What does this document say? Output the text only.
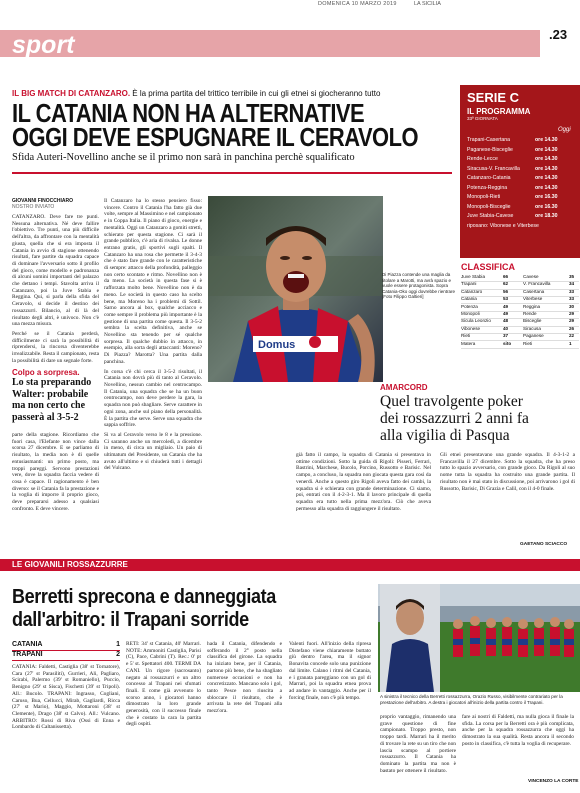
DOMENICA 10 MARZO 2019	LA SICILIA
sport	.23
IL BIG MATCH DI CATANZARO. È la prima partita del trittico terribile in cui gli etnei si giocheranno tutto
IL CATANIA NON HA ALTERNATIVE
OGGI DEVE ESPUGNARE IL CERAVOLO
Sfida Auteri-Novellino anche se il primo non sarà in panchina perchè squalificato
GIOVANNI FINOCCHIARO
NOSTRO INVIATO
CATANZARO. Deve fare tre punti. Nessuna alternativa. Né deve fallire l'obiettivo. Tre punti, una più difficile dell'altra, da affrontare con la mentalità giusta, quella che si era imposta il Catania in avvio di stagione ottenendo risultati, fare partite da squadra capace di dominare l'avversario sotto il profilo del gioco, come modello e padronanza di alcuni uomini importanti del palazzo che dettano i tempi. Stavolta arriva il Catanzaro, poi la Juve Stabia e Reggina. Qui, si parla della sfida del Ceravolo, si decide il destino dei rossazzurri. Bilancio, al di là del risultato degli altri, è univoco. Non c'è una mezza misura.
Perché se il Catania perderà, difficilmente ci sarà la possibilità di riprendersi, la rincorsa diventerebbe irrealizzabile. Resta il campionato, resta la possibilità di dare un segnale forte.
Colpo a sorpresa.
Lo sta preparando Walter: probabile ma non certo che passerà al 3-5-2
parte della stagione. Ricordiamo che fuori casa, l'Elefante non vince dalla scorsa 27 dicembre. E se parliamo di risultato, la media non è di quelle entusiasmanti: un primo posto, ma troppi pareggi. Servono prestazioni vere, dove la squadra faccia vedere di cosa è capace. Il ragionamento è ben diverso: se il Catania fa la prestazione e la voglia di imporre il proprio gioco, deve prepararsi adesso a qualsiasi confronto. E deve vincere.
Il Catanzaro ha lo stesso pensiero fisso: vincere. Contro il Catania l'ha fatto già due volte, sempre al Massimino e nel campionato e in Coppa Italia. Il piano di gioco, energie e mentalità. Oggi un Catanzaro a gomiti stretti, schierato per questa stagione. Ci sarà il grande pubblico, c'è aria di rivalsa. Le donne entrano gratis, gli sportivi sugli spalti. Il Catanzaro ha una rosa che permette il 3-4-3 che è stato fare grande con le caratteristiche di sempre: attacco della profondità, palleggio non certo scontato e ritmo. Novellino non è da meno. La società in questa fase si è rafforzata molto bene. Novellino non è da meno. Le società in questo caso ha scelto bene, ma Moreno ha i problemi di Sottil. Sarno ancora ai box, qualche acciacco e come sempre il problema più importante è la gestione di una partita come questa. Il 3-5-2 sembra la scelta definitiva, anche se Novellino sta tenendo per sé qualche sorpresa. Il qualche dubbio in attacco, in esempio, alla sorta degli attaccanti: Moreno? Di Piazza? Marotta? Una partita dalla panchina.
In corsa c'è chi cerca il 3-5-2 risultati, il Catania non dovrà più di tanto al Ceravolo. Novellino, nessun cambio nel centrocampo. Il Catania, una squadra che se ha un buon centrocampo, non deve perdere la gara, la squadra non può sbagliare. Serve carattere in ogni zona, anche sul piano della personalità. È la partita che serve. Serve una squadra che sappia soffrire.
Si va al Ceravolo verso le 8 e la pressione. Ci saranno anche un mercoledì, a dicembre in meno, di circa un migliaio. Un paio di ultimatum del Presidente, un Catania che ha avuto all'ultimo e si chiuderà tutti i dettagli del Vulcano.
Domus
Di Piazza contende una maglia da titolare a Marotti, ma avrà spazio e vuole essere protagonista. Sopra Catania-Oko oggi dovrebbe rientrare [Foto Filippo Galtieri]
SERIE C
IL PROGRAMMA
33ª GIORNATA
Oggi
Trapani-Casertana	ore 14.30
Paganese-Bisceglie	ore 14.30
Rende-Lecce	ore 14.30
Siracusa-V. Francavilla	ore 14.30
Catanzaro-Catania	ore 14.30
Potenza-Reggina	ore 14.30
Monopoli-Rieti	ore 16.30
Monopoli-Bisceglie	ore 16.30
Juve Stabia-Cavese	ore 18.30
riposano: Vibonese e Viterbese
CLASSIFICA
Juve Stabia	66	Cavese	35
Trapani	62	V. Francavilla	34
Catanzaro	56	Casertana	33
Catania	53	Viterbese	33
Potenza	49	Reggina	30
Monopoli	49	Rende	29
Sicula Leonzio	48	Bisceglie	29
Vibonese	40	Siracusa	26
Rieti	37	Paganese	22
Matera	sito	Rieti	1
AMARCORD
Quel travolgente poker
dei rossazzurri 2 anni fa
alla vigilia di Pasqua
già fatto il campo, la squadra di Catania si presentava in ottime condizioni. Sotto la guida di Rigoli: Pisseri, Ferrari, Bastrini, Marchese, Bucolo, Porcino, Russotto e Barisic. Nel campo, a concluso, la squadra non giocata questa gara così da venerdì. Anche a questo giro Rigoli aveva fatto dei cambi, la squadra si è schierata con grande determinazione. Ci siamo, poi, entrati con il 4-2-3-1. Ma il lavoro principale di quella squadra era tutto nella prima mezz'ora. Ciò che aveva permesso alla squadra di raggiungere il risultato.
Gli etnei presentavano una grande squadra. Il 4-3-1-2 a Francavilla il 27 dicembre. Sotto la squadra, che ha preso tutto lo spazio avversario, con grande gioco. Da Rigoli al suo nome tutta la squadra ha costruito una grande partita. Il risultato non è mai stato in discussione, poi arrivarono i gol di Russotto, Barisic, Di Grazia e Calil, con il 4-0 finale.
GAETANO SCIACCO
LE GIOVANILI ROSSAZZURRE
Berretti sprecona e danneggiata
dall'arbitro: il Trapani sorride
CATANIA	1
TRAPANI	2
CATANIA: Faldetti, Castiglia (38' st Tornatore), Cara (27' st Parasiliti), Gurrieri, Ali, Pagliaro, Scirabi, Palermo (39' st Romaniello), Puccio, Benigno (29' st Sisca), Fischetti (39' st Tripoli). All.: Bucolo. TRAPANI: Ingrasso, Cogliani, Caruso, Bua, Cellucci, Mirab, Gagliardi, Ricca (27' st Mario), Maggio, Mottaroni (38' st Clemente), Drago (38' st Calvo). All.: Vulcano. ARBITRO: Rossi di Riva (Ossi di Enna e Lombardo di Caltanissetta).
RETI: 34' st Catania, 40' Marrari. NOTE: Ammoniti Castiglia, Parisi (C), Pace, Cabrini (T). Rec.: 0' pt e 5' st. Spettatori 400. TERMI DA CANI. Un rigore (sacrosanto) negato ai rossazzurri e un altro concesso al Trapani nei sfumati finali. E come già avvenuto lo scorso anno, i giocatori hanno dimostrato la loro grande generosità, con il successo finale che è costato la cara la partita degli ospiti.
hada il Catania, difendendo e sofferando il 2° posto nella classifica del girone. La squadra ha iniziato bene, per il Catania, partono più bene, che ha sbagliato numerose occasioni e non ha concretizzato. Mancano solo i gol, tanto Pesce non riuscita a sbloccare il risultato, che è arrivata la rete del Trapani alla mezz'ora.
Valenti fuori. All'inizio della ripresa Distefano viene chiaramente buttato giù dentro l'area, ma il signor Bonavita concede solo una punizione dal limite. Calano i ritmi del Catania, e i granata pareggiano con un gol di Marrari, poi la squadra etnea prova ad andare in vantaggio. Anche per il forcing finale, non c'è più tempo.	A sinistra il tecnico della Berretti rossazzurra, Orazio Russo, visibilmente contrariato per la prestazione dell'arbitro. A destra i giocatori all'inizio della partita contro il Trapani.
fare ai nostri di Faldetti, ma nulla gioca il finale la sfida. La corsa per la Berretti ora è più complicata, anche per la squadra rossazzurra che oggi ha dimostrato la sua qualità. Resta ancora il secondo posto in classifica, c'è tutta la voglia di recuperare.
proprio vantaggio, rimanendo una grave questione di fine campionato. Troppo presto, non troppo tardi. Marrari ha il merito di trovare la rete su un tiro che non lascia scampo al portiere rossazzurro. Il Catania ha dominato la partita ma non è bastato per ottenere il risultato.
VINCENZO LA CORTE
